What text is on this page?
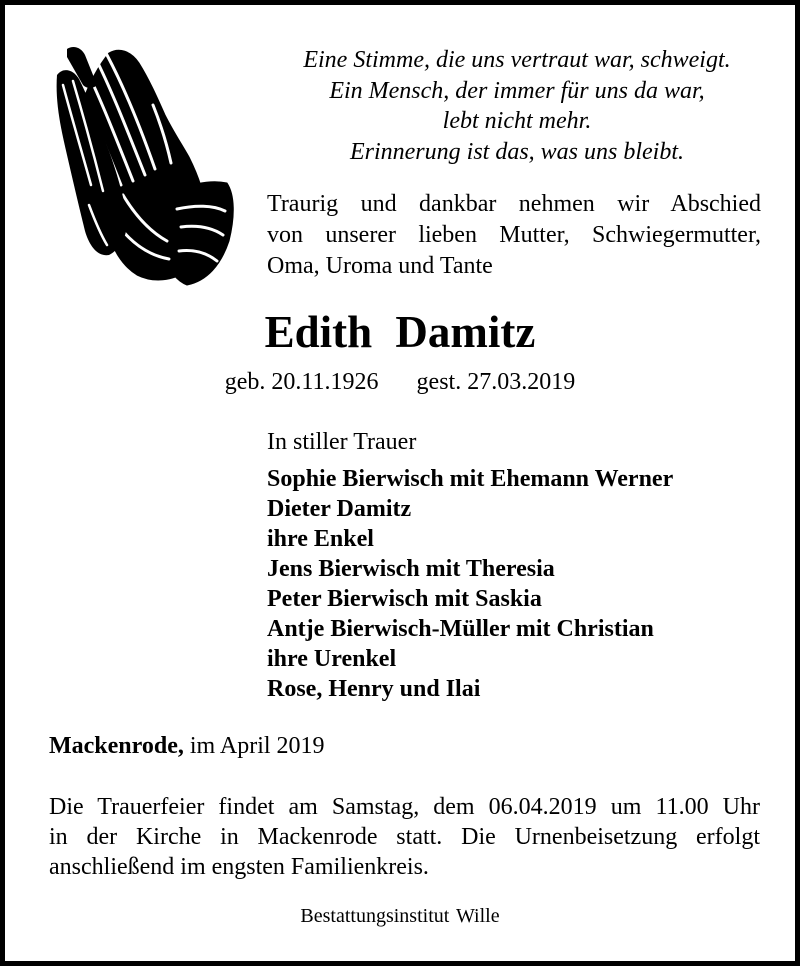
Eine Stimme, die uns vertraut war, schweigt.
Ein Mensch, der immer für uns da war,
lebt nicht mehr.
Erinnerung ist das, was uns bleibt.
Traurig und dankbar nehmen wir Abschied
von unserer lieben Mutter, Schwiegermutter,
Oma, Uroma und Tante
Edith Damitz
geb. 20.11.1926 gest. 27.03.2019
In stiller Trauer
Sophie Bierwisch mit Ehemann Werner
Dieter Damitz
ihre Enkel
Jens Bierwisch mit Theresia
Peter Bierwisch mit Saskia
Antje Bierwisch-Müller mit Christian
ihre Urenkel
Rose, Henry und Ilai
Mackenrode, im April 2019
Die Trauerfeier findet am Samstag, dem 06.04.2019 um 11.00 Uhr
in der Kirche in Mackenrode statt. Die Urnenbeisetzung erfolgt
anschließend im engsten Familienkreis.
Bestattungsinstitut Wille
